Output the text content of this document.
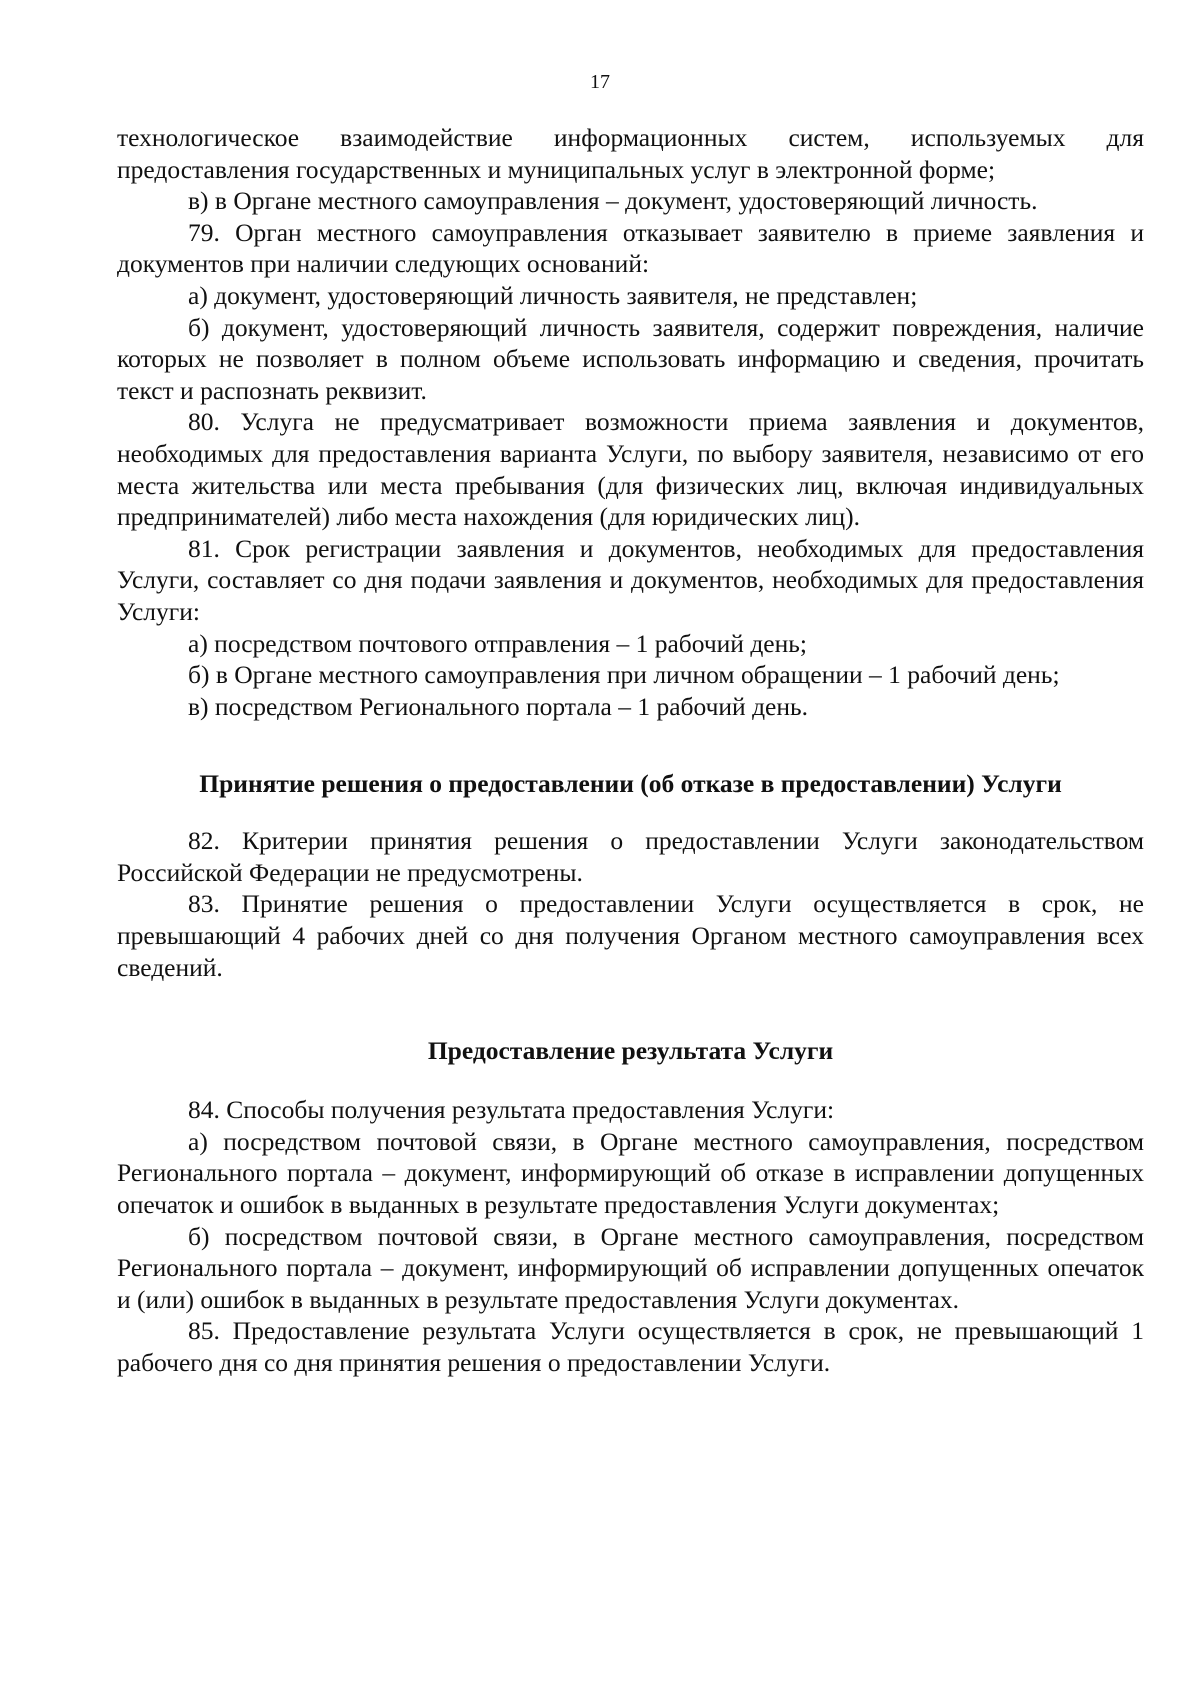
17

технологическое взаимодействие информационных систем, используемых для предоставления государственных и муниципальных услуг в электронной форме;

в) в Органе местного самоуправления – документ, удостоверяющий личность.

79. Орган местного самоуправления отказывает заявителю в приеме заявления и документов при наличии следующих оснований:

а) документ, удостоверяющий личность заявителя, не представлен;

б) документ, удостоверяющий личность заявителя, содержит повреждения, наличие которых не позволяет в полном объеме использовать информацию и сведения, прочитать текст и распознать реквизит.

80. Услуга не предусматривает возможности приема заявления и документов, необходимых для предоставления варианта Услуги, по выбору заявителя, независимо от его места жительства или места пребывания (для физических лиц, включая индивидуальных предпринимателей) либо места нахождения (для юридических лиц).

81. Срок регистрации заявления и документов, необходимых для предоставления Услуги, составляет со дня подачи заявления и документов, необходимых для предоставления Услуги:

а) посредством почтового отправления – 1 рабочий день;

б) в Органе местного самоуправления при личном обращении – 1 рабочий день;

в) посредством Регионального портала – 1 рабочий день.

Принятие решения о предоставлении (об отказе в предоставлении) Услуги

82. Критерии принятия решения о предоставлении Услуги законодательством Российской Федерации не предусмотрены.

83. Принятие решения о предоставлении Услуги осуществляется в срок, не превышающий 4 рабочих дней со дня получения Органом местного самоуправления всех сведений.

Предоставление результата Услуги

84. Способы получения результата предоставления Услуги:

а) посредством почтовой связи, в Органе местного самоуправления, посредством Регионального портала – документ, информирующий об отказе в исправлении допущенных опечаток и ошибок в выданных в результате предоставления Услуги документах;

б) посредством почтовой связи, в Органе местного самоуправления, посредством Регионального портала – документ, информирующий об исправлении допущенных опечаток и (или) ошибок в выданных в результате предоставления Услуги документах.

85. Предоставление результата Услуги осуществляется в срок, не превышающий 1 рабочего дня со дня принятия решения о предоставлении Услуги.
